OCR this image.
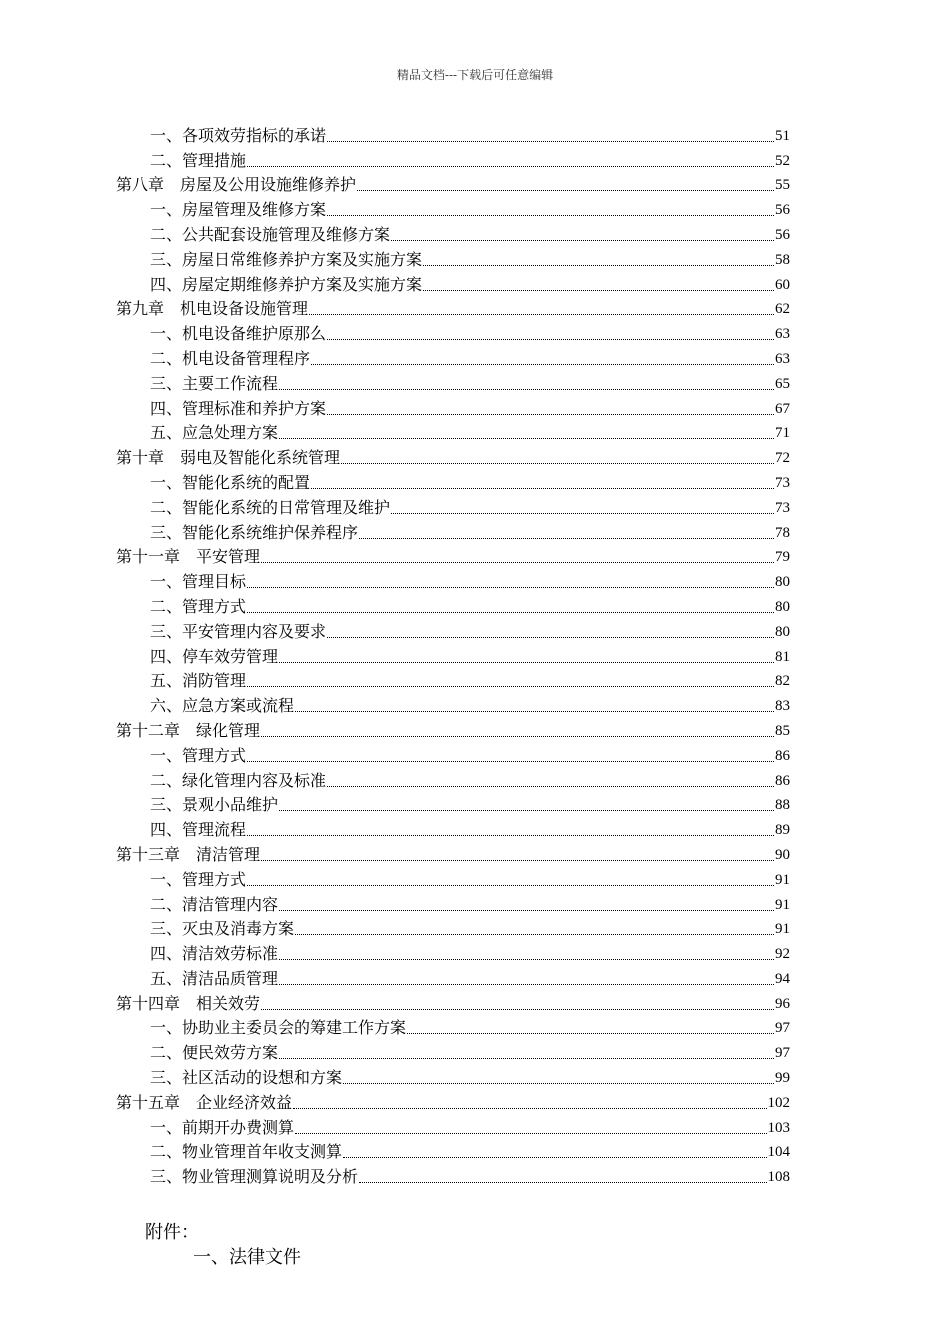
精品文档---下载后可任意编辑
一、各项效劳指标的承诺	51
二、管理措施	52
第八章　房屋及公用设施维修养护	55
一、房屋管理及维修方案	56
二、公共配套设施管理及维修方案	56
三、房屋日常维修养护方案及实施方案	58
四、房屋定期维修养护方案及实施方案	60
第九章　机电设备设施管理	62
一、机电设备维护原那么	63
二、机电设备管理程序	63
三、主要工作流程	65
四、管理标准和养护方案	67
五、应急处理方案	71
第十章　弱电及智能化系统管理	72
一、智能化系统的配置	73
二、智能化系统的日常管理及维护	73
三、智能化系统维护保养程序	78
第十一章　平安管理	79
一、管理目标	80
二、管理方式	80
三、平安管理内容及要求	80
四、停车效劳管理	81
五、消防管理	82
六、应急方案或流程	83
第十二章　绿化管理	85
一、管理方式	86
二、绿化管理内容及标准	86
三、景观小品维护	88
四、管理流程	89
第十三章　清洁管理	90
一、管理方式	91
二、清洁管理内容	91
三、灭虫及消毒方案	91
四、清洁效劳标准	92
五、清洁品质管理	94
第十四章　相关效劳	96
一、协助业主委员会的筹建工作方案	97
二、便民效劳方案	97
三、社区活动的设想和方案	99
第十五章　企业经济效益	102
一、前期开办费测算	103
二、物业管理首年收支测算	104
三、物业管理测算说明及分析	108
附件：
一、法律文件
